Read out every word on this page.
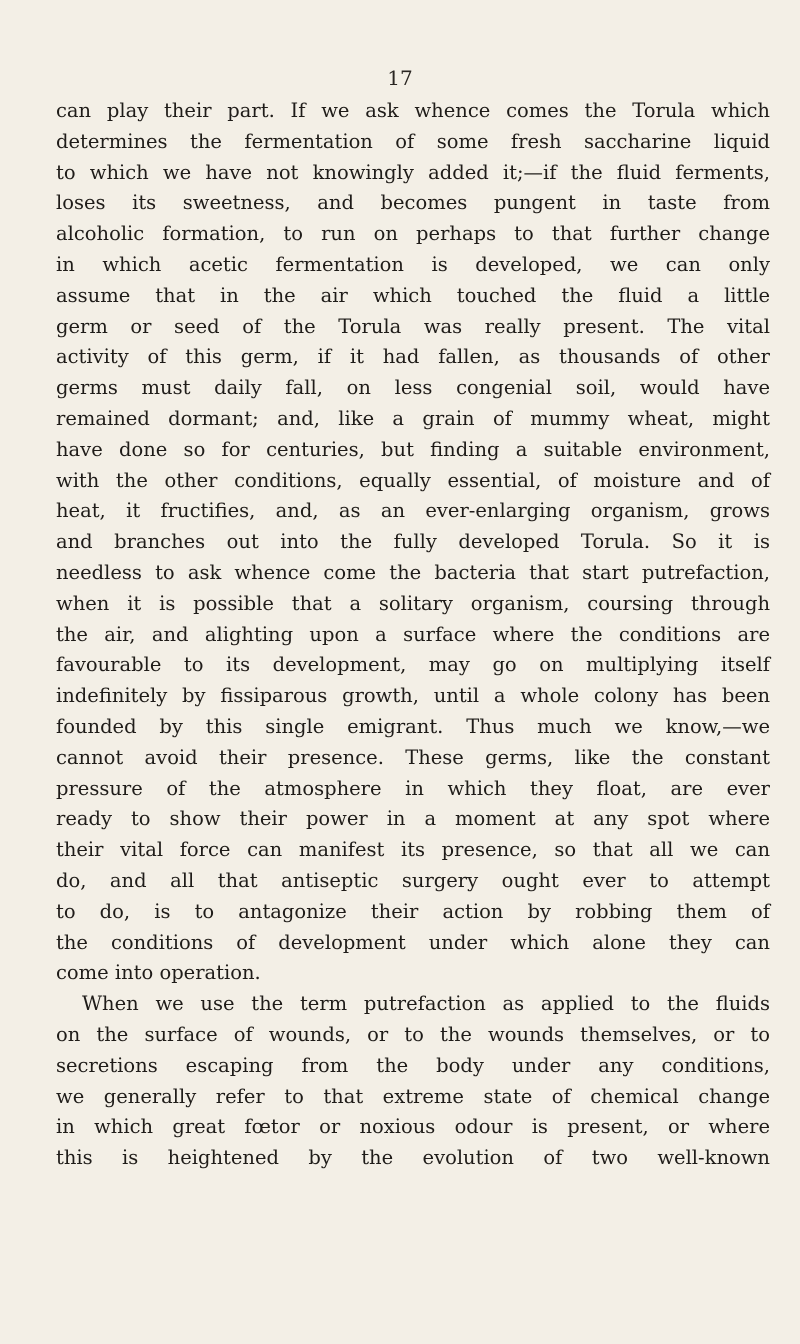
17
can play their part. If we ask whence comes the Torula which
determines the fermentation of some fresh saccharine liquid
to which we have not knowingly added it;—if the fluid ferments,
loses its sweetness, and becomes pungent in taste from
alcoholic formation, to run on perhaps to that further change
in which acetic fermentation is developed, we can only
assume that in the air which touched the fluid a little
germ or seed of the Torula was really present. The vital
activity of this germ, if it had fallen, as thousands of other
germs must daily fall, on less congenial soil, would have
remained dormant; and, like a grain of mummy wheat, might
have done so for centuries, but finding a suitable environment,
with the other conditions, equally essential, of moisture and of
heat, it fructifies, and, as an ever-enlarging organism, grows
and branches out into the fully developed Torula. So it is
needless to ask whence come the bacteria that start putrefaction,
when it is possible that a solitary organism, coursing through
the air, and alighting upon a surface where the conditions are
favourable to its development, may go on multiplying itself
indefinitely by fissiparous growth, until a whole colony has been
founded by this single emigrant. Thus much we know,—we
cannot avoid their presence. These germs, like the constant
pressure of the atmosphere in which they float, are ever
ready to show their power in a moment at any spot where
their vital force can manifest its presence, so that all we can
do, and all that antiseptic surgery ought ever to attempt
to do, is to antagonize their action by robbing them of
the conditions of development under which alone they can
come into operation.
When we use the term putrefaction as applied to the fluids
on the surface of wounds, or to the wounds themselves, or to
secretions escaping from the body under any conditions,
we generally refer to that extreme state of chemical change
in which great fœtor or noxious odour is present, or where
this is heightened by the evolution of two well-known
